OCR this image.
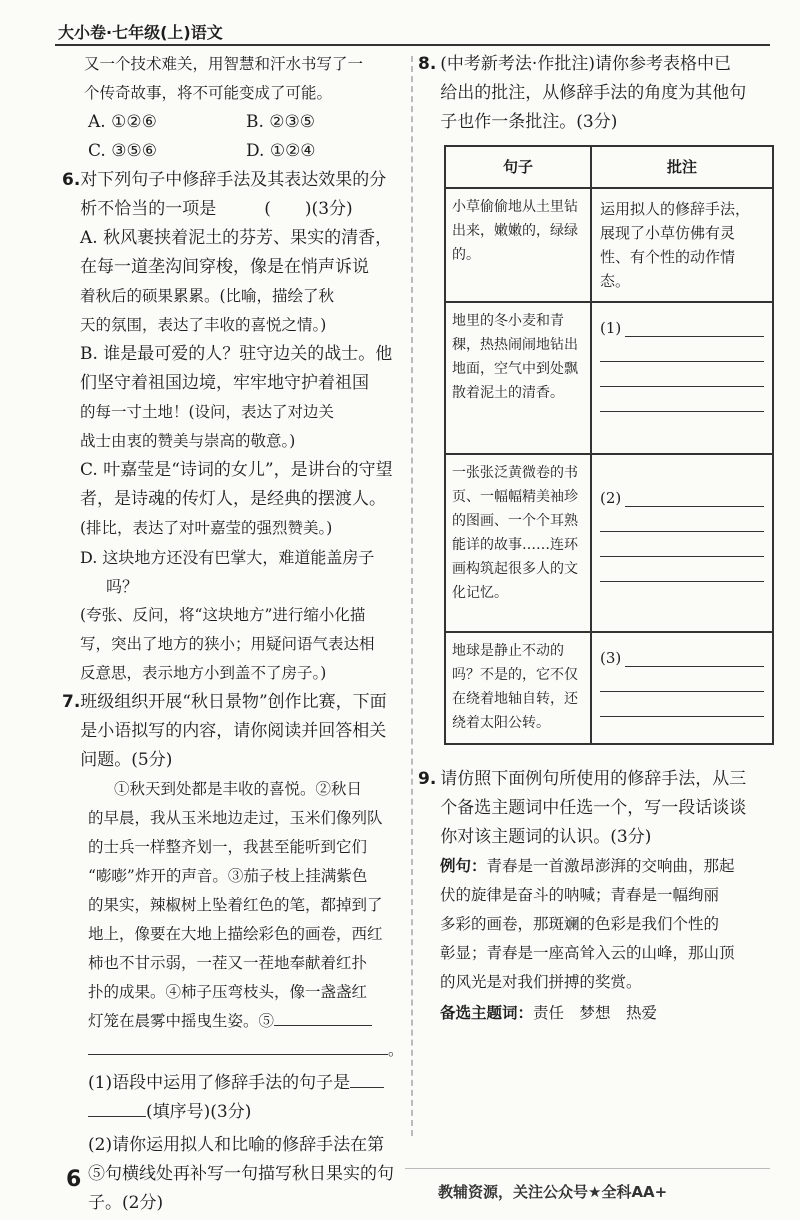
大小卷·七年级(上)语文

又一个技术难关，用智慧和汗水书写了一

个传奇故事，将不可能变成了可能。

A. ①②⑥	B. ②③⑤
C. ③⑤⑥	D. ①②④
6. 对下列句子中修辞手法及其表达效果的分

析不恰当的一项是	(　　)(3分)

A. 秋风裹挟着泥土的芬芳、果实的清香，

在每一道垄沟间穿梭，像是在悄声诉说

着秋后的硕果累累。(比喻，描绘了秋

天的氛围，表达了丰收的喜悦之情。)

B. 谁是最可爱的人？驻守边关的战士。他

们坚守着祖国边境，牢牢地守护着祖国

的每一寸土地！(设问，表达了对边关

战士由衷的赞美与崇高的敬意。)

C. 叶嘉莹是“诗词的女儿”，是讲台的守望

者，是诗魂的传灯人，是经典的摆渡人。

(排比，表达了对叶嘉莹的强烈赞美。)

D. 这块地方还没有巴掌大，难道能盖房子吗？

(夸张、反问，将“这块地方”进行缩小化描

写，突出了地方的狭小；用疑问语气表达相

反意思，表示地方小到盖不了房子。)

7. 班级组织开展“秋日景物”创作比赛，下面

是小语拟写的内容，请你阅读并回答相关

问题。(5分)

①秋天到处都是丰收的喜悦。②秋日

的早晨，我从玉米地边走过，玉米们像列队

的士兵一样整齐划一，我甚至能听到它们

“嘭嘭”炸开的声音。③茄子枝上挂满紫色

的果实，辣椒树上坠着红色的笔，都掉到了

地上，像要在大地上描绘彩色的画卷，西红

柿也不甘示弱，一茬又一茬地奉献着红扑

扑的成果。④柿子压弯枝头，像一盏盏红

灯笼在晨雾中摇曳生姿。⑤

。

(1)语段中运用了修辞手法的句子是

(填序号)(3分)

(2)请你运用拟人和比喻的修辞手法在第

⑤句横线处再补写一句描写秋日果实的句

子。(2分)

8. (中考新考法·作批注)请你参考表格中已

给出的批注，从修辞手法的角度为其他句

子也作一条批注。(3分)

句子	批注
小草偷偷地从土里钻出来，嫩嫩的，绿绿的。	运用拟人的修辞手法，展现了小草仿佛有灵性、有个性的动作情态。
地里的冬小麦和青稞，热热闹闹地钻出地面，空气中到处飘散着泥土的清香。	(1)

一张张泛黄微卷的书页、一幅幅精美袖珍的图画、一个个耳熟能详的故事……连环画构筑起很多人的文化记忆。	(2)

地球是静止不动的吗？不是的，它不仅在绕着地轴自转，还绕着太阳公转。	(3)
9. 请仿照下面例句所使用的修辞手法，从三

个备选主题词中任选一个，写一段话谈谈

你对该主题词的认识。(3分)

例句：青春是一首激昂澎湃的交响曲，那起

伏的旋律是奋斗的呐喊；青春是一幅绚丽

多彩的画卷，那斑斓的色彩是我们个性的

彰显；青春是一座高耸入云的山峰，那山顶

的风光是对我们拼搏的奖赏。

备选主题词：责任　梦想　热爱

6	教辅资源，关注公众号★全科AA+
